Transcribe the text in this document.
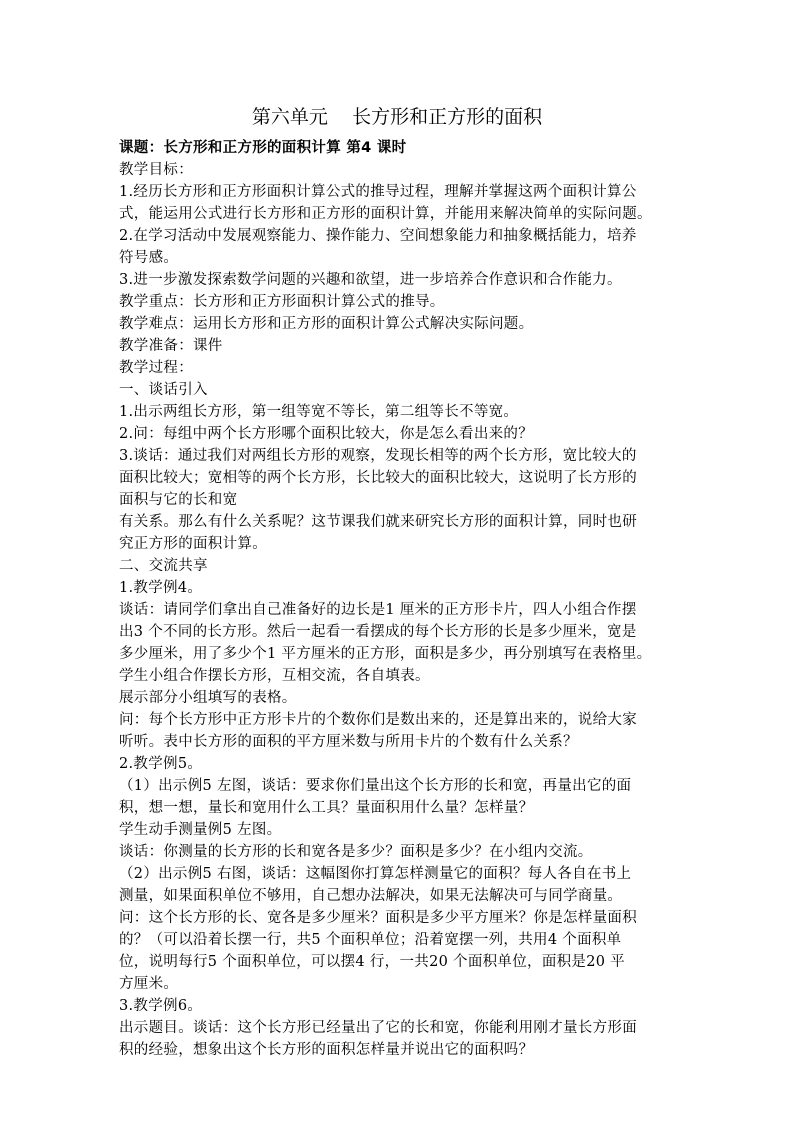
第六单元    长方形和正方形的面积
课题：长方形和正方形的面积计算 第4 课时
教学目标：
1.经历长方形和正方形面积计算公式的推导过程，理解并掌握这两个面积计算公
式，能运用公式进行长方形和正方形的面积计算，并能用来解决简单的实际问题。
2.在学习活动中发展观察能力、操作能力、空间想象能力和抽象概括能力，培养
符号感。
3.进一步激发探索数学问题的兴趣和欲望，进一步培养合作意识和合作能力。
教学重点：长方形和正方形面积计算公式的推导。
教学难点：运用长方形和正方形的面积计算公式解决实际问题。
教学准备：课件
教学过程：
一、谈话引入
1.出示两组长方形，第一组等宽不等长，第二组等长不等宽。
2.问：每组中两个长方形哪个面积比较大，你是怎么看出来的？
3.谈话：通过我们对两组长方形的观察，发现长相等的两个长方形，宽比较大的
面积比较大；宽相等的两个长方形，长比较大的面积比较大，这说明了长方形的
面积与它的长和宽
有关系。那么有什么关系呢？这节课我们就来研究长方形的面积计算，同时也研
究正方形的面积计算。
二、交流共享
1.教学例4。
谈话：请同学们拿出自己准备好的边长是1 厘米的正方形卡片，四人小组合作摆
出3 个不同的长方形。然后一起看一看摆成的每个长方形的长是多少厘米，宽是
多少厘米，用了多少个1 平方厘米的正方形，面积是多少，再分别填写在表格里。
学生小组合作摆长方形，互相交流，各自填表。
展示部分小组填写的表格。
问：每个长方形中正方形卡片的个数你们是数出来的，还是算出来的，说给大家
听听。表中长方形的面积的平方厘米数与所用卡片的个数有什么关系？
2.教学例5。
（1）出示例5 左图，谈话：要求你们量出这个长方形的长和宽，再量出它的面
积，想一想，量长和宽用什么工具？量面积用什么量？怎样量？
学生动手测量例5 左图。
谈话：你测量的长方形的长和宽各是多少？面积是多少？在小组内交流。
（2）出示例5 右图，谈话：这幅图你打算怎样测量它的面积？每人各自在书上
测量，如果面积单位不够用，自己想办法解决，如果无法解决可与同学商量。
问：这个长方形的长、宽各是多少厘米？面积是多少平方厘米？你是怎样量面积
的？（可以沿着长摆一行，共5 个面积单位；沿着宽摆一列，共用4 个面积单
位，说明每行5 个面积单位，可以摆4 行，一共20 个面积单位，面积是20 平
方厘米。
3.教学例6。
出示题目。谈话：这个长方形已经量出了它的长和宽，你能利用刚才量长方形面
积的经验，想象出这个长方形的面积怎样量并说出它的面积吗？
